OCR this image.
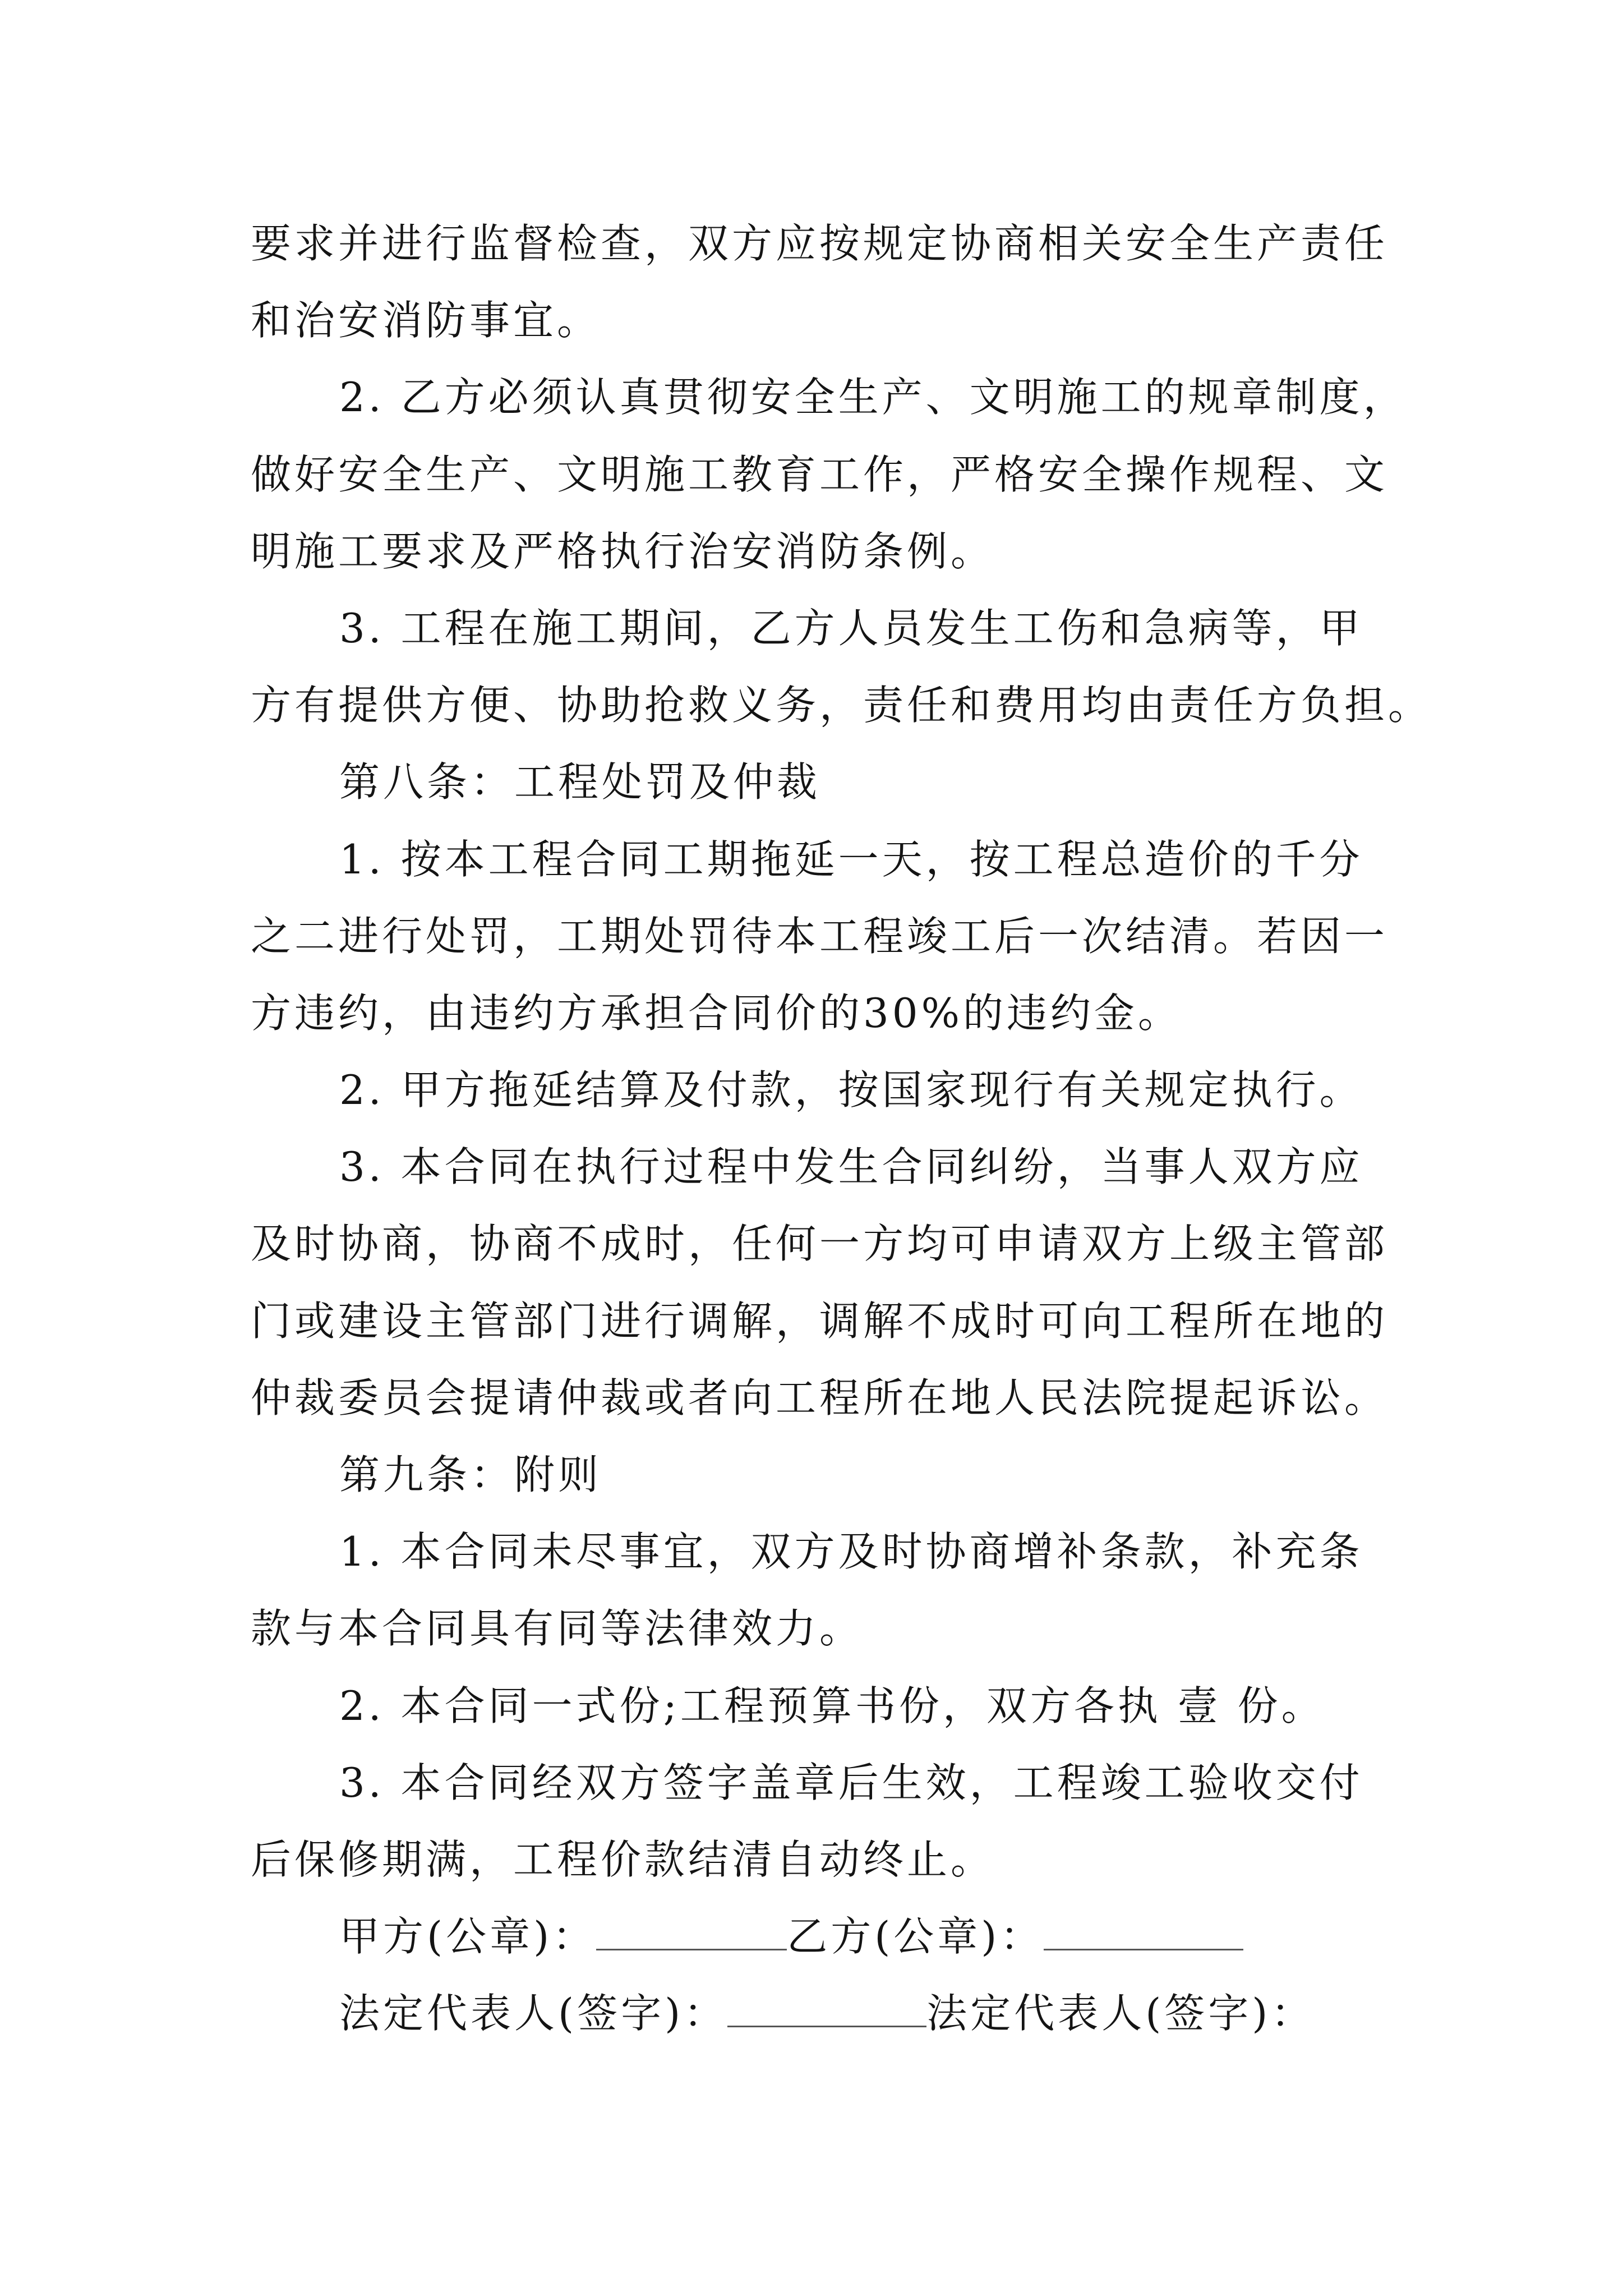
要求并进行监督检查，双方应按规定协商相关安全生产责任
和治安消防事宜。
2. 乙方必须认真贯彻安全生产、文明施工的规章制度，
做好安全生产、文明施工教育工作，严格安全操作规程、文
明施工要求及严格执行治安消防条例。
3. 工程在施工期间，乙方人员发生工伤和急病等，甲
方有提供方便、协助抢救义务，责任和费用均由责任方负担。
第八条：工程处罚及仲裁
1. 按本工程合同工期拖延一天，按工程总造价的千分
之二进行处罚，工期处罚待本工程竣工后一次结清。若因一
方违约，由违约方承担合同价的30%的违约金。
2. 甲方拖延结算及付款，按国家现行有关规定执行。
3. 本合同在执行过程中发生合同纠纷，当事人双方应
及时协商，协商不成时，任何一方均可申请双方上级主管部
门或建设主管部门进行调解，调解不成时可向工程所在地的
仲裁委员会提请仲裁或者向工程所在地人民法院提起诉讼。
第九条：附则
1. 本合同未尽事宜，双方及时协商增补条款，补充条
款与本合同具有同等法律效力。
2. 本合同一式份;工程预算书份，双方各执 壹 份。
3. 本合同经双方签字盖章后生效，工程竣工验收交付
后保修期满，工程价款结清自动终止。
甲方(公章)：	乙方(公章)：
法定代表人(签字)：	法定代表人(签字)：
